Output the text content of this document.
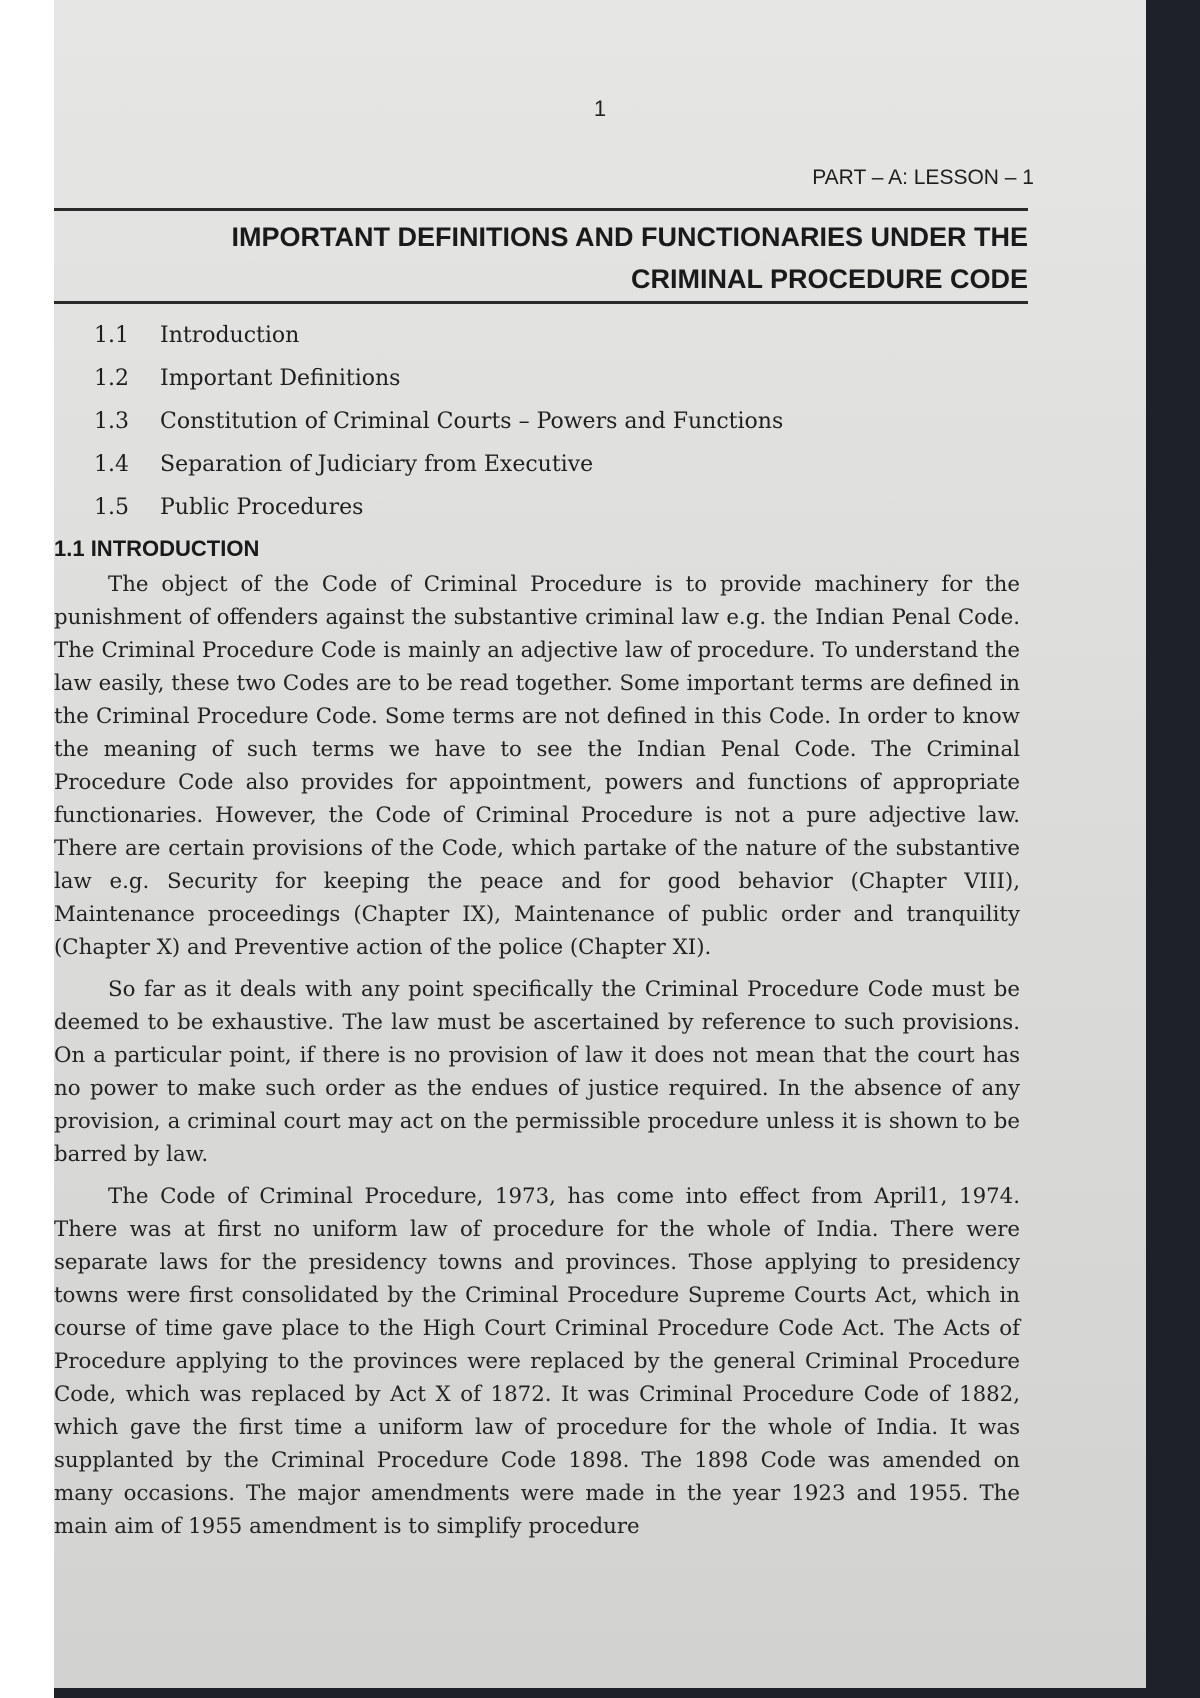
1
PART – A: LESSON – 1
IMPORTANT DEFINITIONS AND FUNCTIONARIES UNDER THE
CRIMINAL PROCEDURE CODE
1.1 Introduction
1.2 Important Definitions
1.3 Constitution of Criminal Courts – Powers and Functions
1.4 Separation of Judiciary from Executive
1.5 Public Procedures
1.1 INTRODUCTION

The object of the Code of Criminal Procedure is to provide machinery for the punishment of offenders against the substantive criminal law e.g. the Indian Penal Code. The Criminal Procedure Code is mainly an adjective law of procedure. To understand the law easily, these two Codes are to be read together. Some important terms are defined in the Criminal Procedure Code. Some terms are not defined in this Code. In order to know the meaning of such terms we have to see the Indian Penal Code. The Criminal Procedure Code also provides for appointment, powers and functions of appropriate functionaries. However, the Code of Criminal Procedure is not a pure adjective law. There are certain provisions of the Code, which partake of the nature of the substantive law e.g. Security for keeping the peace and for good behavior (Chapter VIII), Maintenance proceedings (Chapter IX), Maintenance of public order and tranquility (Chapter X) and Preventive action of the police (Chapter XI).

So far as it deals with any point specifically the Criminal Procedure Code must be deemed to be exhaustive. The law must be ascertained by reference to such provisions. On a particular point, if there is no provision of law it does not mean that the court has no power to make such order as the endues of justice required. In the absence of any provision, a criminal court may act on the permissible procedure unless it is shown to be barred by law.

The Code of Criminal Procedure, 1973, has come into effect from April1, 1974. There was at first no uniform law of procedure for the whole of India. There were separate laws for the presidency towns and provinces. Those applying to presidency towns were first consolidated by the Criminal Procedure Supreme Courts Act, which in course of time gave place to the High Court Criminal Procedure Code Act. The Acts of Procedure applying to the provinces were replaced by the general Criminal Procedure Code, which was replaced by Act X of 1872. It was Criminal Procedure Code of 1882, which gave the first time a uniform law of procedure for the whole of India. It was supplanted by the Criminal Procedure Code 1898. The 1898 Code was amended on many occasions. The major amendments were made in the year 1923 and 1955. The main aim of 1955 amendment is to simplify procedure
